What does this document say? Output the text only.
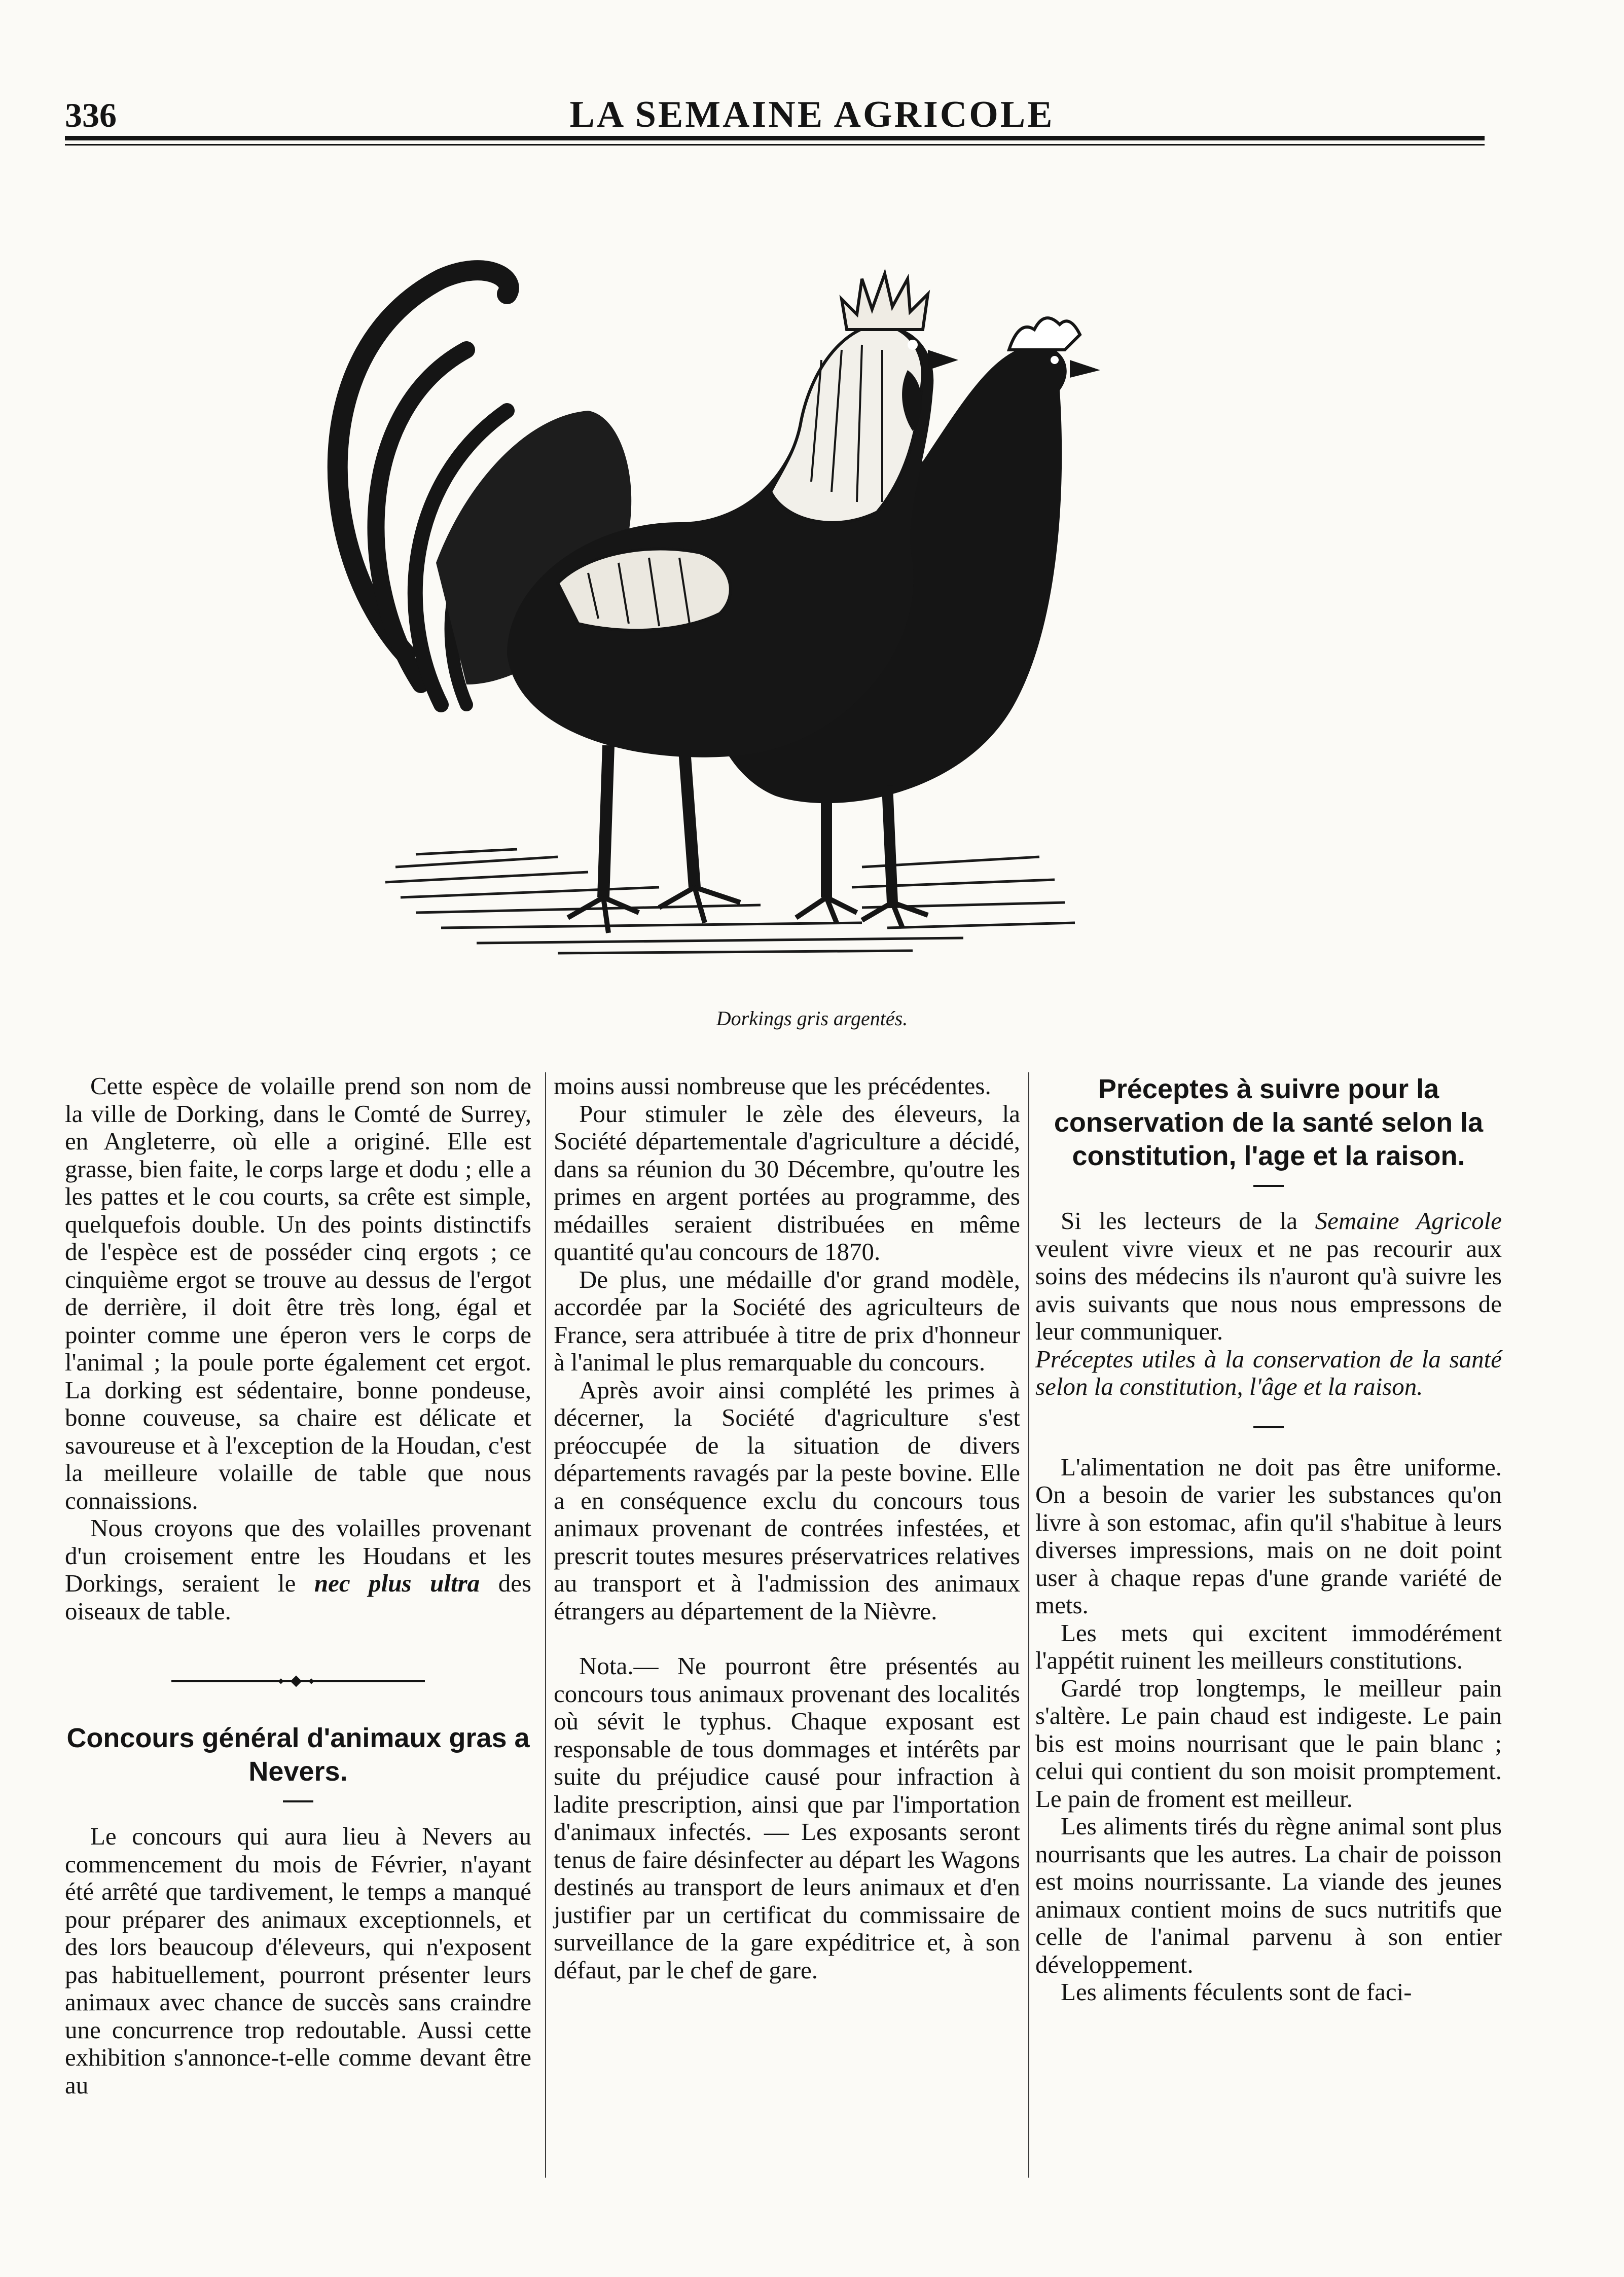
336	LA SEMAINE AGRICOLE
Dorkings gris argentés.

Cette espèce de volaille prend son nom de la ville de Dorking, dans le Comté de Surrey, en Angleterre, où elle a originé. Elle est grasse, bien faite, le corps large et dodu ; elle a les pattes et le cou courts, sa crête est simple, quelquefois double. Un des points distinctifs de l'espèce est de posséder cinq ergots ; ce cinquième ergot se trouve au dessus de l'ergot de derrière, il doit être très long, égal et pointer comme une éperon vers le corps de l'animal ; la poule porte également cet ergot. La dorking est sédentaire, bonne pondeuse, bonne couveuse, sa chaire est délicate et savoureuse et à l'exception de la Houdan, c'est la meilleure volaille de table que nous connaissions.

Nous croyons que des volailles provenant d'un croisement entre les Houdans et les Dorkings, seraient le nec plus ultra des oiseaux de table.

Concours général d'animaux gras a Nevers.

Le concours qui aura lieu à Nevers au commencement du mois de Février, n'ayant été arrêté que tardivement, le temps a manqué pour préparer des animaux exceptionnels, et des lors beaucoup d'éleveurs, qui n'exposent pas habituellement, pourront présenter leurs animaux avec chance de succès sans craindre une concurrence trop redoutable. Aussi cette exhibition s'annonce-t-elle comme devant être au

moins aussi nombreuse que les précédentes.

Pour stimuler le zèle des éleveurs, la Société départementale d'agriculture a décidé, dans sa réunion du 30 Décembre, qu'outre les primes en argent portées au programme, des médailles seraient distribuées en même quantité qu'au concours de 1870.

De plus, une médaille d'or grand modèle, accordée par la Société des agriculteurs de France, sera attribuée à titre de prix d'honneur à l'animal le plus remarquable du concours.

Après avoir ainsi complété les primes à décerner, la Société d'agriculture s'est préoccupée de la situation de divers départements ravagés par la peste bovine. Elle a en conséquence exclu du concours tous animaux provenant de contrées infestées, et prescrit toutes mesures préservatrices relatives au transport et à l'admission des animaux étrangers au département de la Nièvre.

Nota.— Ne pourront être présentés au concours tous animaux provenant des localités où sévit le typhus. Chaque exposant est responsable de tous dommages et intérêts par suite du préjudice causé pour infraction à ladite prescription, ainsi que par l'importation d'animaux infectés. — Les exposants seront tenus de faire désinfecter au départ les Wagons destinés au transport de leurs animaux et d'en justifier par un certificat du commissaire de surveillance de la gare expéditrice et, à son défaut, par le chef de gare.

Préceptes à suivre pour la conservation de la santé selon la constitution, l'age et la raison.

Si les lecteurs de la Semaine Agricole veulent vivre vieux et ne pas recourir aux soins des médecins ils n'auront qu'à suivre les avis suivants que nous nous empressons de leur communiquer.

Préceptes utiles à la conservation de la santé selon la constitution, l'âge et la raison.

L'alimentation ne doit pas être uniforme. On a besoin de varier les substances qu'on livre à son estomac, afin qu'il s'habitue à leurs diverses impressions, mais on ne doit point user à chaque repas d'une grande variété de mets.

Les mets qui excitent immodérément l'appétit ruinent les meilleurs constitutions.

Gardé trop longtemps, le meilleur pain s'altère. Le pain chaud est indigeste. Le pain bis est moins nourrisant que le pain blanc ; celui qui contient du son moisit promptement. Le pain de froment est meilleur.

Les aliments tirés du règne animal sont plus nourrisants que les autres. La chair de poisson est moins nourrissante. La viande des jeunes animaux contient moins de sucs nutritifs que celle de l'animal parvenu à son entier développement.

Les aliments féculents sont de faci-
